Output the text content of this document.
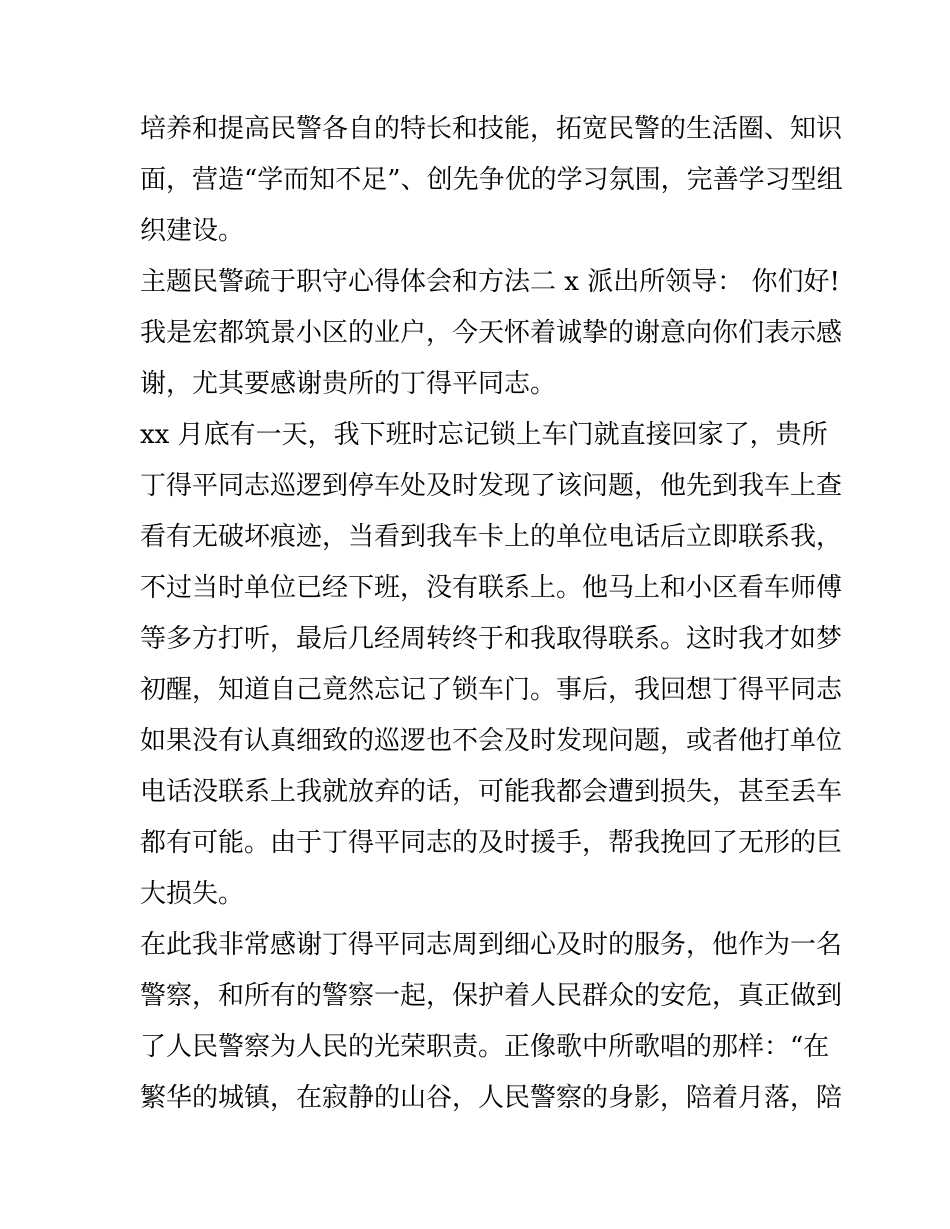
培养和提高民警各自的特长和技能，拓宽民警的生活圈、知识
面，营造“学而知不足”、创先争优的学习氛围，完善学习型组
织建设。
主题民警疏于职守心得体会和方法二 x 派出所领导： 你们好!
我是宏都筑景小区的业户，今天怀着诚挚的谢意向你们表示感
谢，尤其要感谢贵所的丁得平同志。
xx 月底有一天，我下班时忘记锁上车门就直接回家了，贵所
丁得平同志巡逻到停车处及时发现了该问题，他先到我车上查
看有无破坏痕迹，当看到我车卡上的单位电话后立即联系我，
不过当时单位已经下班，没有联系上。他马上和小区看车师傅
等多方打听，最后几经周转终于和我取得联系。这时我才如梦
初醒，知道自己竟然忘记了锁车门。事后，我回想丁得平同志
如果没有认真细致的巡逻也不会及时发现问题，或者他打单位
电话没联系上我就放弃的话，可能我都会遭到损失，甚至丢车
都有可能。由于丁得平同志的及时援手，帮我挽回了无形的巨
大损失。
在此我非常感谢丁得平同志周到细心及时的服务，他作为一名
警察，和所有的警察一起，保护着人民群众的安危，真正做到
了人民警察为人民的光荣职责。正像歌中所歌唱的那样：“在
繁华的城镇，在寂静的山谷，人民警察的身影，陪着月落，陪
